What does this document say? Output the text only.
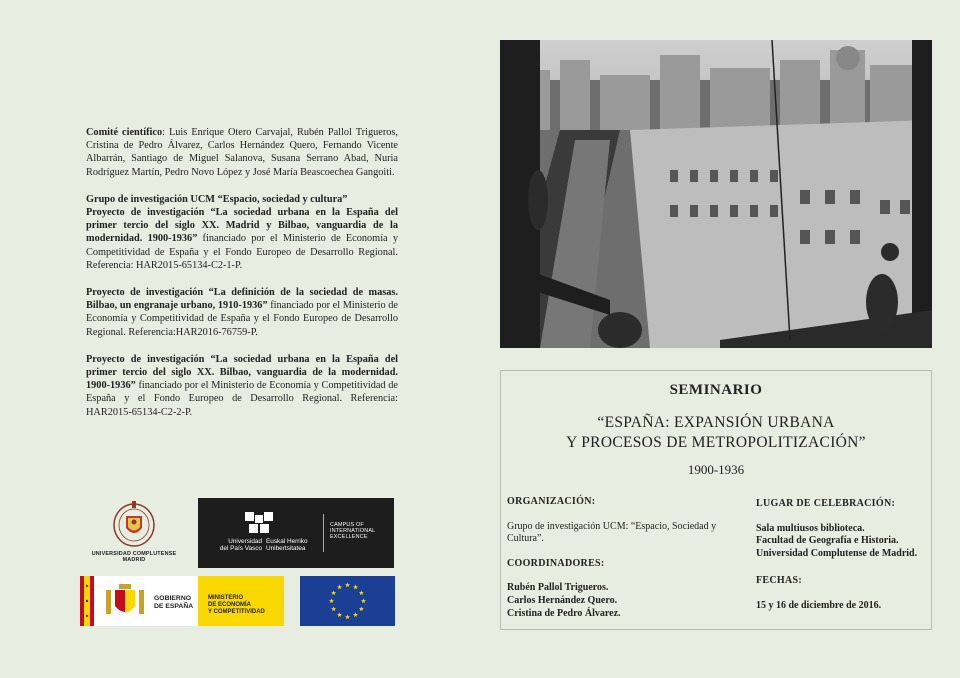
Comité científico: Luis Enrique Otero Carvajal, Rubén Pallol Trigueros, Cristina de Pedro Álvarez, Carlos Hernández Quero, Fernando Vicente Albarrán, Santiago de Miguel Salanova, Susana Serrano Abad, Nuria Rodríguez Martín, Pedro Novo López y José María Beascoechea Gangoiti.

Grupo de investigación UCM “Espacio, sociedad y cultura”
Proyecto de investigación “La sociedad urbana en la España del primer tercio del siglo XX. Madrid y Bilbao, vanguardia de la modernidad. 1900-1936” financiado por el Ministerio de Economía y Competitividad de España y el Fondo Europeo de Desarrollo Regional. Referencia: HAR2015-65134-C2-1-P.

Proyecto de investigación “La definición de la sociedad de masas. Bilbao, un engranaje urbano, 1910-1936” financiado por el Ministerio de Economía y Competitividad de España y el Fondo Europeo de Desarrollo Regional. Referencia:HAR2016-76759-P.

Proyecto de investigación “La sociedad urbana en la España del primer tercio del siglo XX. Bilbao, vanguardia de la modernidad. 1900-1936” financiado por el Ministerio de Economía y Competitividad de España y el Fondo Europeo de Desarrollo Regional. Referencia: HAR2015-65134-C2-2-P.

UNIVERSIDAD COMPLUTENSE
MADRID
Universidad
del País Vasco
Euskal Herriko
Unibertsitatea
CAMPUS OF
INTERNATIONAL
EXCELLENCE
GOBIERNO
DE ESPAÑA
MINISTERIO
DE ECONOMÍA
Y COMPETITIVIDAD
SEMINARIO
“ESPAÑA: EXPANSIÓN URBANA
Y PROCESOS DE METROPOLITIZACIÓN”
1900-1936
ORGANIZACIÓN:
Grupo de investigación UCM: “Espacio, Sociedad y
Cultura”.
COORDINADORES:
Rubén Pallol Trigueros.
Carlos Hernández Quero.
Cristina de Pedro Álvarez.
LUGAR DE CELEBRACIÓN:
Sala multiusos biblioteca.
Facultad de Geografía e Historia.
Universidad Complutense de Madrid.
FECHAS:
15 y 16 de diciembre de 2016.
